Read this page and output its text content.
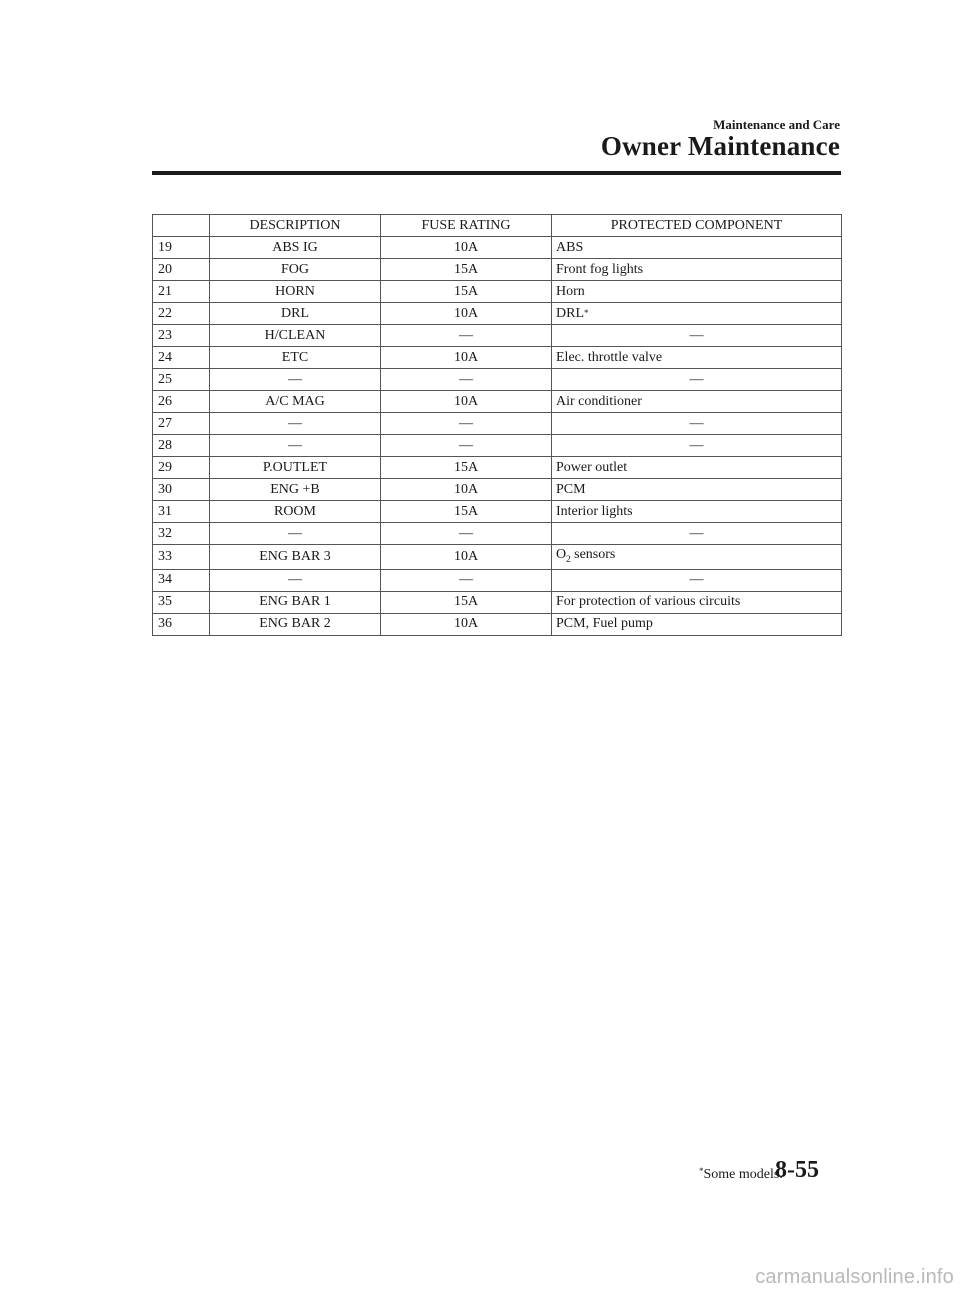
Maintenance and Care
Owner Maintenance
	DESCRIPTION	FUSE RATING	PROTECTED COMPONENT
19	ABS IG	10A	ABS
20	FOG	15A	Front fog lights
21	HORN	15A	Horn
22	DRL	10A	DRL*
23	H/CLEAN	―	―
24	ETC	10A	Elec. throttle valve
25	―	―	―
26	A/C MAG	10A	Air conditioner
27	―	―	―
28	―	―	―
29	P.OUTLET	15A	Power outlet
30	ENG +B	10A	PCM
31	ROOM	15A	Interior lights
32	―	―	―
33	ENG BAR 3	10A	$O_2$ sensors
34	―	―	―
35	ENG BAR 1	15A	For protection of various circuits
36	ENG BAR 2	10A	PCM, Fuel pump
*Some models.
8-55
carmanualsonline.info
